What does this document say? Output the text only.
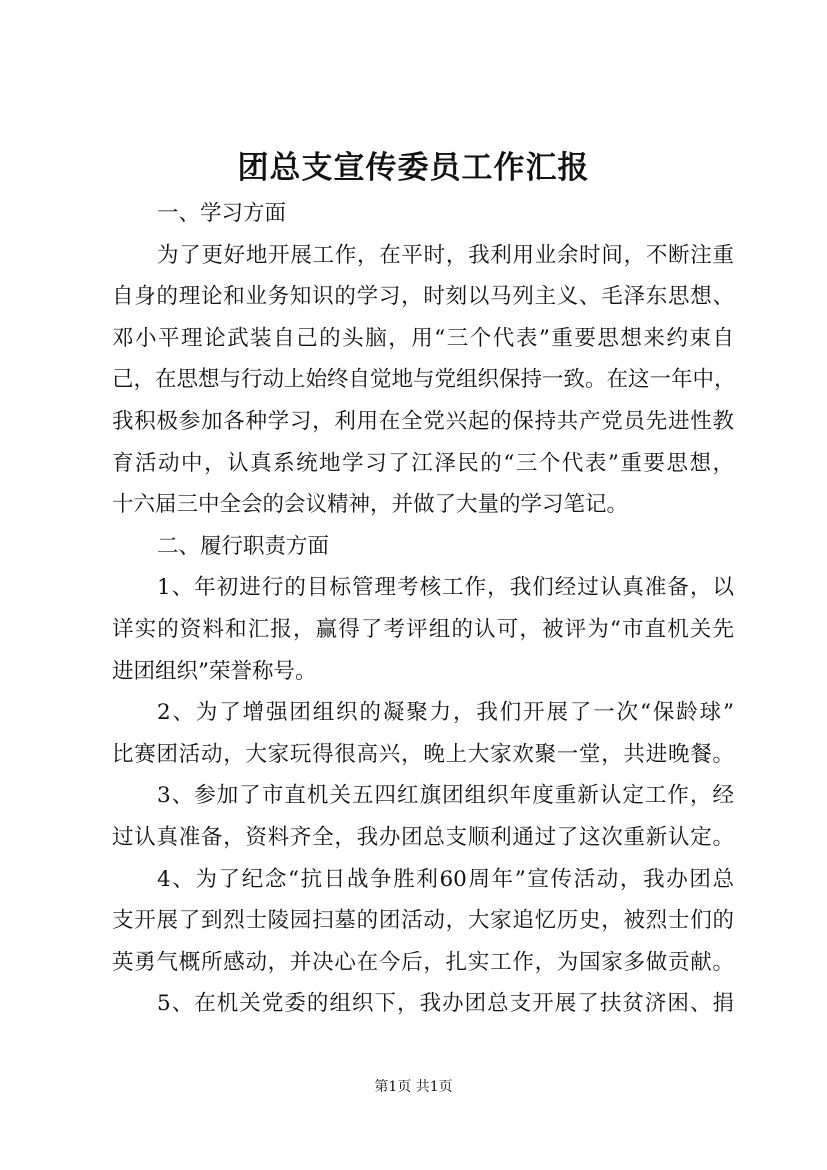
团总支宣传委员工作汇报
一、学习方面
为了更好地开展工作，在平时，我利用业余时间，不断注重
自身的理论和业务知识的学习，时刻以马列主义、毛泽东思想、
邓小平理论武装自己的头脑，用“三个代表”重要思想来约束自
己，在思想与行动上始终自觉地与党组织保持一致。在这一年中，
我积极参加各种学习，利用在全党兴起的保持共产党员先进性教
育活动中，认真系统地学习了江泽民的“三个代表”重要思想，
十六届三中全会的会议精神，并做了大量的学习笔记。
二、履行职责方面
1、年初进行的目标管理考核工作，我们经过认真准备，以
详实的资料和汇报，赢得了考评组的认可，被评为“市直机关先
进团组织”荣誉称号。
2、为了增强团组织的凝聚力，我们开展了一次“保龄球”
比赛团活动，大家玩得很高兴，晚上大家欢聚一堂，共进晚餐。
3、参加了市直机关五四红旗团组织年度重新认定工作，经
过认真准备，资料齐全，我办团总支顺利通过了这次重新认定。
4、为了纪念“抗日战争胜利60周年”宣传活动，我办团总
支开展了到烈士陵园扫墓的团活动，大家追忆历史，被烈士们的
英勇气概所感动，并决心在今后，扎实工作，为国家多做贡献。
5、在机关党委的组织下，我办团总支开展了扶贫济困、捐
第1页 共1页
